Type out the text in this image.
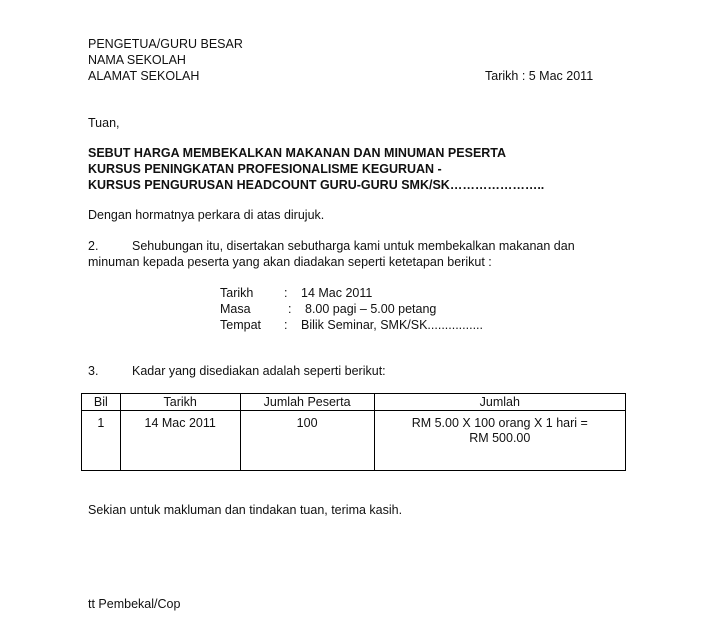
PENGETUA/GURU BESAR
NAMA SEKOLAH
ALAMAT SEKOLAH	Tarikh : 5 Mac 2011
Tuan,
SEBUT HARGA MEMBEKALKAN MAKANAN DAN MINUMAN PESERTA
KURSUS PENINGKATAN PROFESIONALISME KEGURUAN -
KURSUS PENGURUSAN HEADCOUNT GURU-GURU SMK/SK…………………..
Dengan hormatnya perkara di atas dirujuk.
2.	Sehubungan itu, disertakan sebutharga kami untuk membekalkan makanan dan
minuman kepada peserta yang akan diadakan seperti ketetapan berikut :
Tarikh : 14 Mac 2011
Masa	: 8.00 pagi – 5.00 petang
Tempat : Bilik Seminar, SMK/SK................
3.	Kadar yang disediakan adalah seperti berikut:
Bil	Tarikh	Jumlah Peserta	Jumlah
1	14 Mac 2011	100	RM 5.00 X 100 orang X 1 hari =
RM 500.00
Sekian untuk makluman dan tindakan tuan, terima kasih.
tt Pembekal/Cop
